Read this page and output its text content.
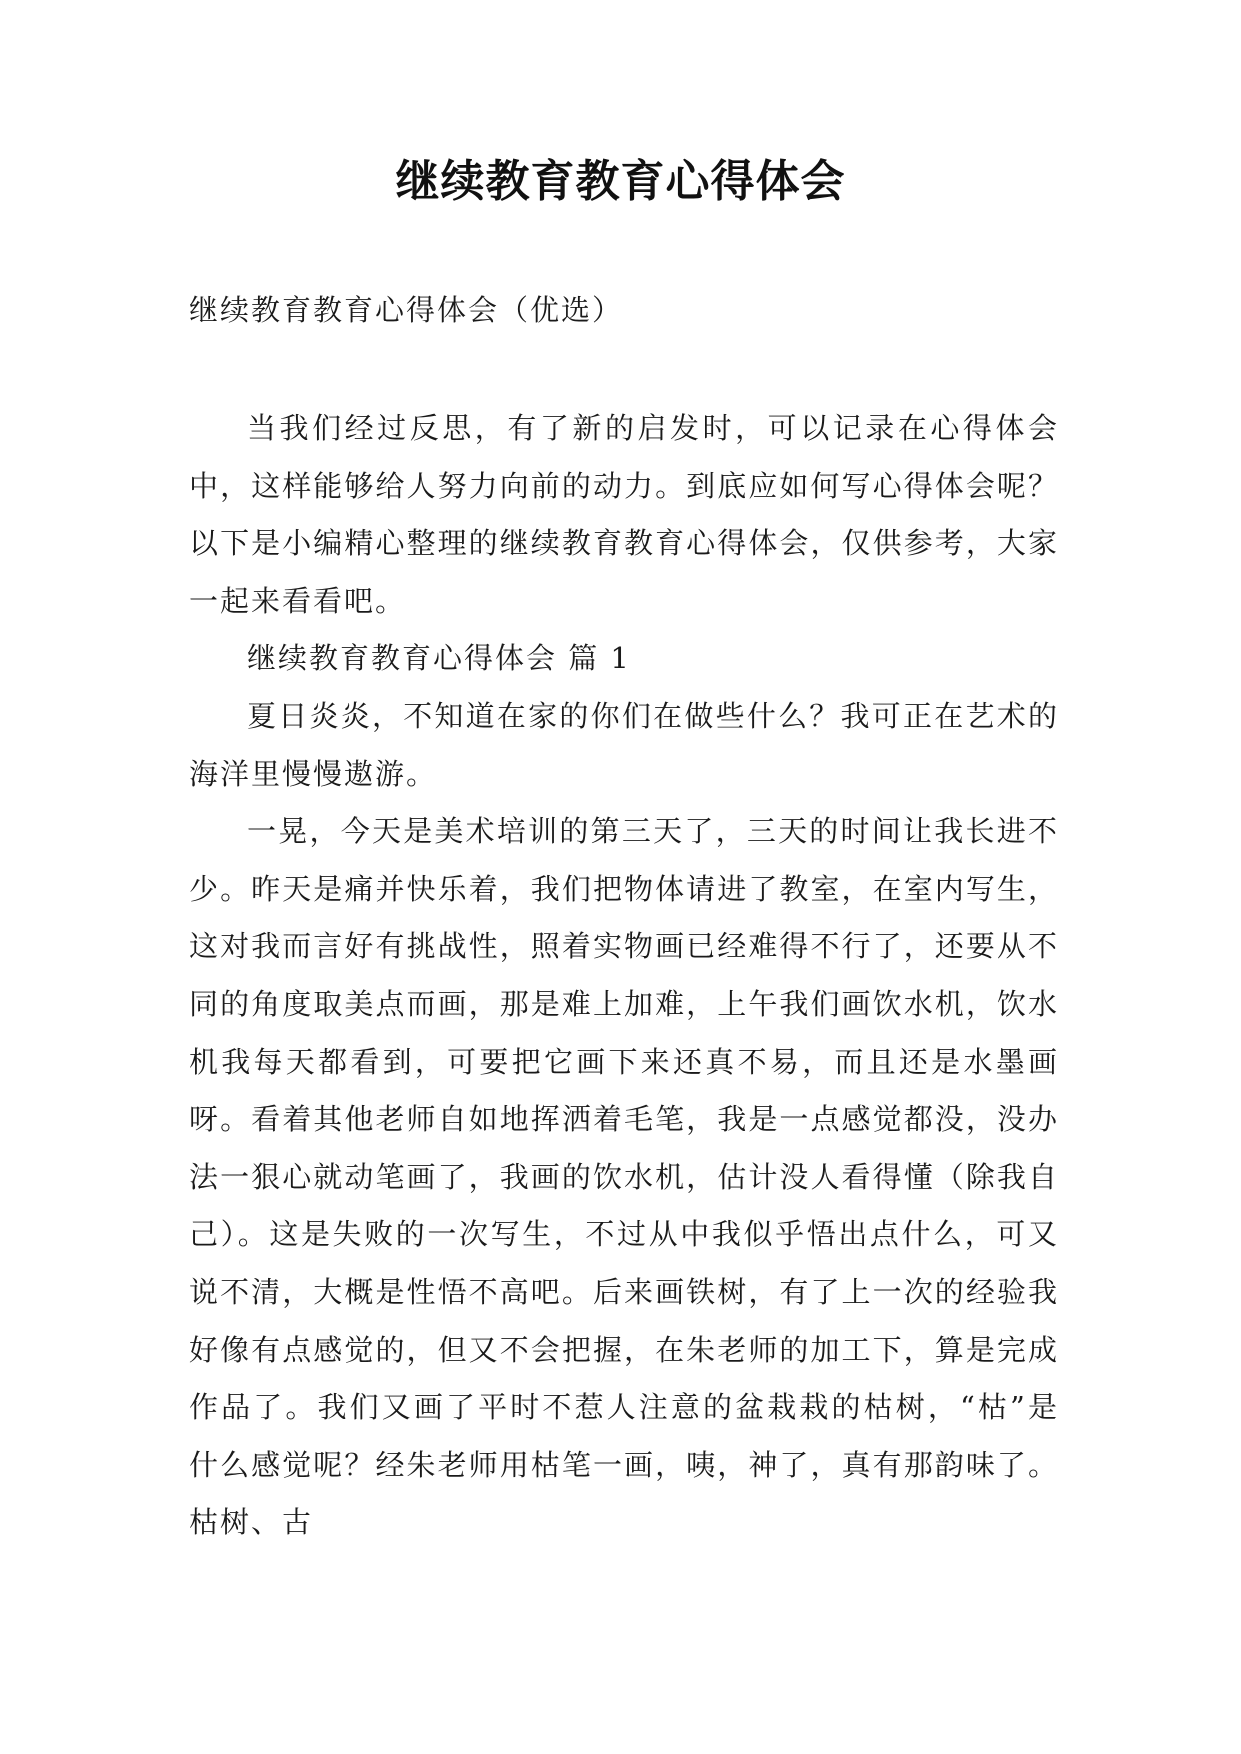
继续教育教育心得体会
继续教育教育心得体会（优选）

当我们经过反思，有了新的启发时，可以记录在心得体会中，这样能够给人努力向前的动力。到底应如何写心得体会呢？以下是小编精心整理的继续教育教育心得体会，仅供参考，大家一起来看看吧。

继续教育教育心得体会 篇 1

夏日炎炎，不知道在家的你们在做些什么？我可正在艺术的海洋里慢慢遨游。

一晃，今天是美术培训的第三天了，三天的时间让我长进不少。昨天是痛并快乐着，我们把物体请进了教室，在室内写生，这对我而言好有挑战性，照着实物画已经难得不行了，还要从不同的角度取美点而画，那是难上加难，上午我们画饮水机，饮水机我每天都看到，可要把它画下来还真不易，而且还是水墨画呀。看着其他老师自如地挥洒着毛笔，我是一点感觉都没，没办法一狠心就动笔画了，我画的饮水机，估计没人看得懂（除我自己）。这是失败的一次写生，不过从中我似乎悟出点什么，可又说不清，大概是性悟不高吧。后来画铁树，有了上一次的经验我好像有点感觉的，但又不会把握，在朱老师的加工下，算是完成作品了。我们又画了平时不惹人注意的盆栽栽的枯树，“枯”是什么感觉呢？经朱老师用枯笔一画，咦，神了，真有那韵味了。枯树、古
